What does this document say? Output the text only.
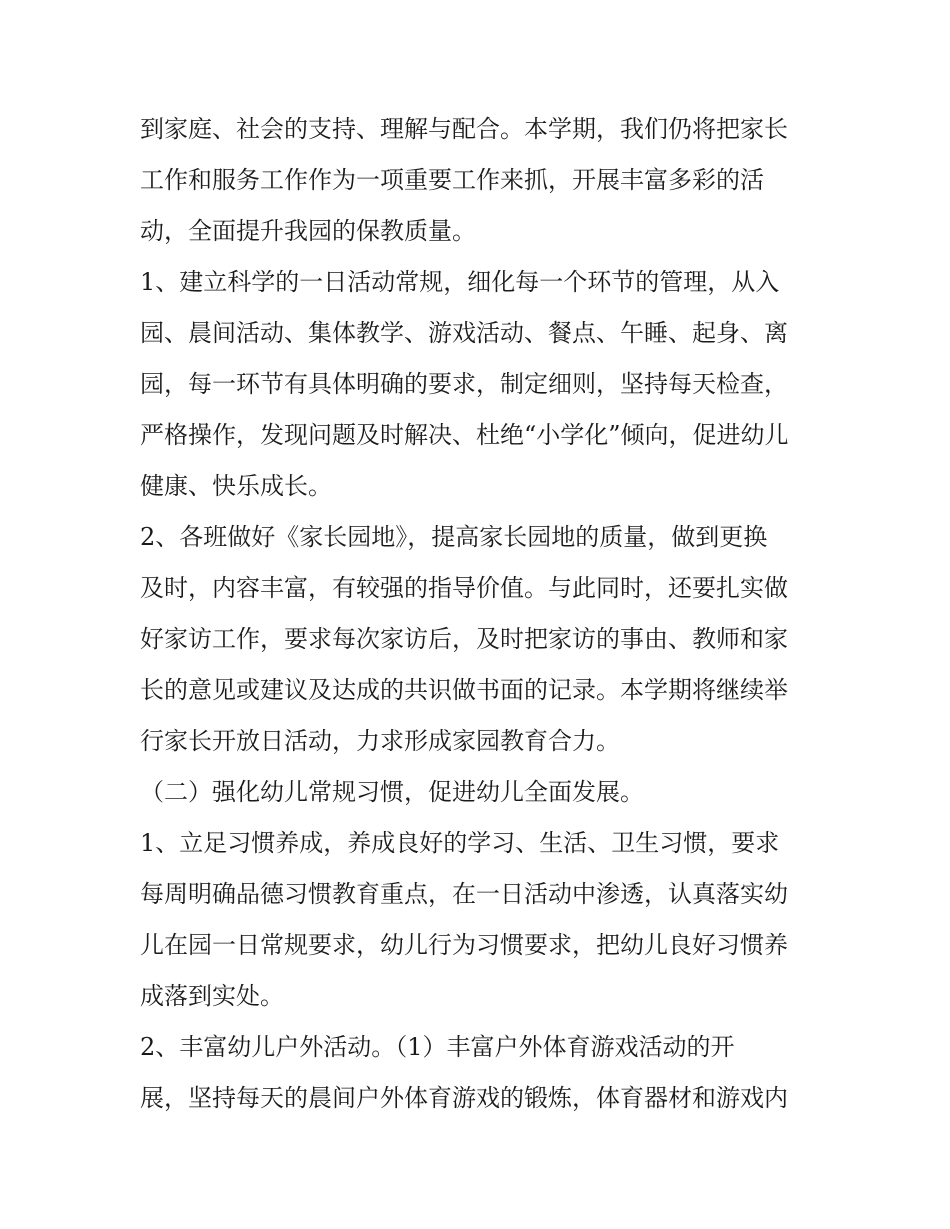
到家庭、社会的支持、理解与配合。本学期，我们仍将把家长
工作和服务工作作为一项重要工作来抓，开展丰富多彩的活
动，全面提升我园的保教质量。
1、建立科学的一日活动常规，细化每一个环节的管理，从入
园、晨间活动、集体教学、游戏活动、餐点、午睡、起身、离
园，每一环节有具体明确的要求，制定细则，坚持每天检查，
严格操作，发现问题及时解决、杜绝“小学化”倾向，促进幼儿
健康、快乐成长。
2、各班做好《家长园地》，提高家长园地的质量，做到更换
及时，内容丰富，有较强的指导价值。与此同时，还要扎实做
好家访工作，要求每次家访后，及时把家访的事由、教师和家
长的意见或建议及达成的共识做书面的记录。本学期将继续举
行家长开放日活动，力求形成家园教育合力。
（二）强化幼儿常规习惯，促进幼儿全面发展。
1、立足习惯养成，养成良好的学习、生活、卫生习惯，要求
每周明确品德习惯教育重点，在一日活动中渗透，认真落实幼
儿在园一日常规要求，幼儿行为习惯要求，把幼儿良好习惯养
成落到实处。
2、丰富幼儿户外活动。（1）丰富户外体育游戏活动的开
展，坚持每天的晨间户外体育游戏的锻炼，体育器材和游戏内
